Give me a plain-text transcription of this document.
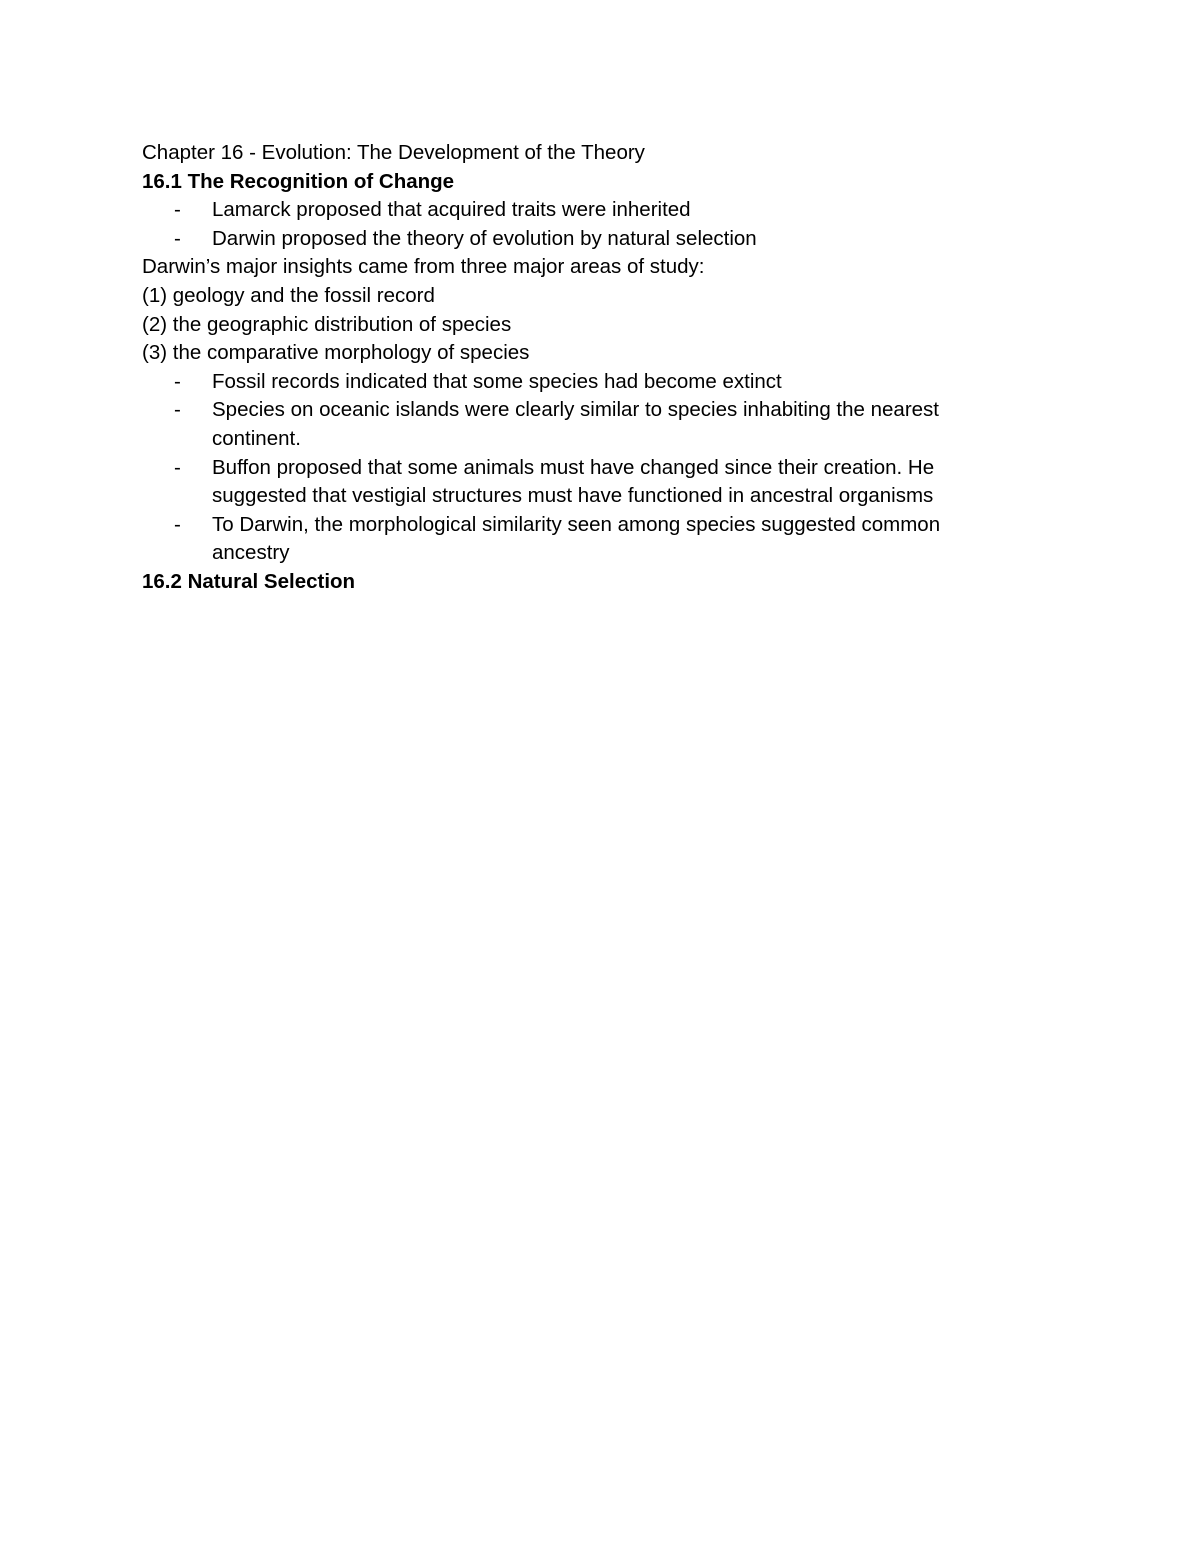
Chapter 16 - Evolution: The Development of the Theory

16.1 The Recognition of Change

- Lamarck proposed that acquired traits were inherited
- Darwin proposed the theory of evolution by natural selection

Darwin’s major insights came from three major areas of study:

(1) geology and the fossil record

(2) the geographic distribution of species

(3) the comparative morphology of species

- Fossil records indicated that some species had become extinct
- Species on oceanic islands were clearly similar to species inhabiting the nearest continent.
- Buffon proposed that some animals must have changed since their creation. He suggested that vestigial structures must have functioned in ancestral organisms
- To Darwin, the morphological similarity seen among species suggested common ancestry

16.2 Natural Selection
